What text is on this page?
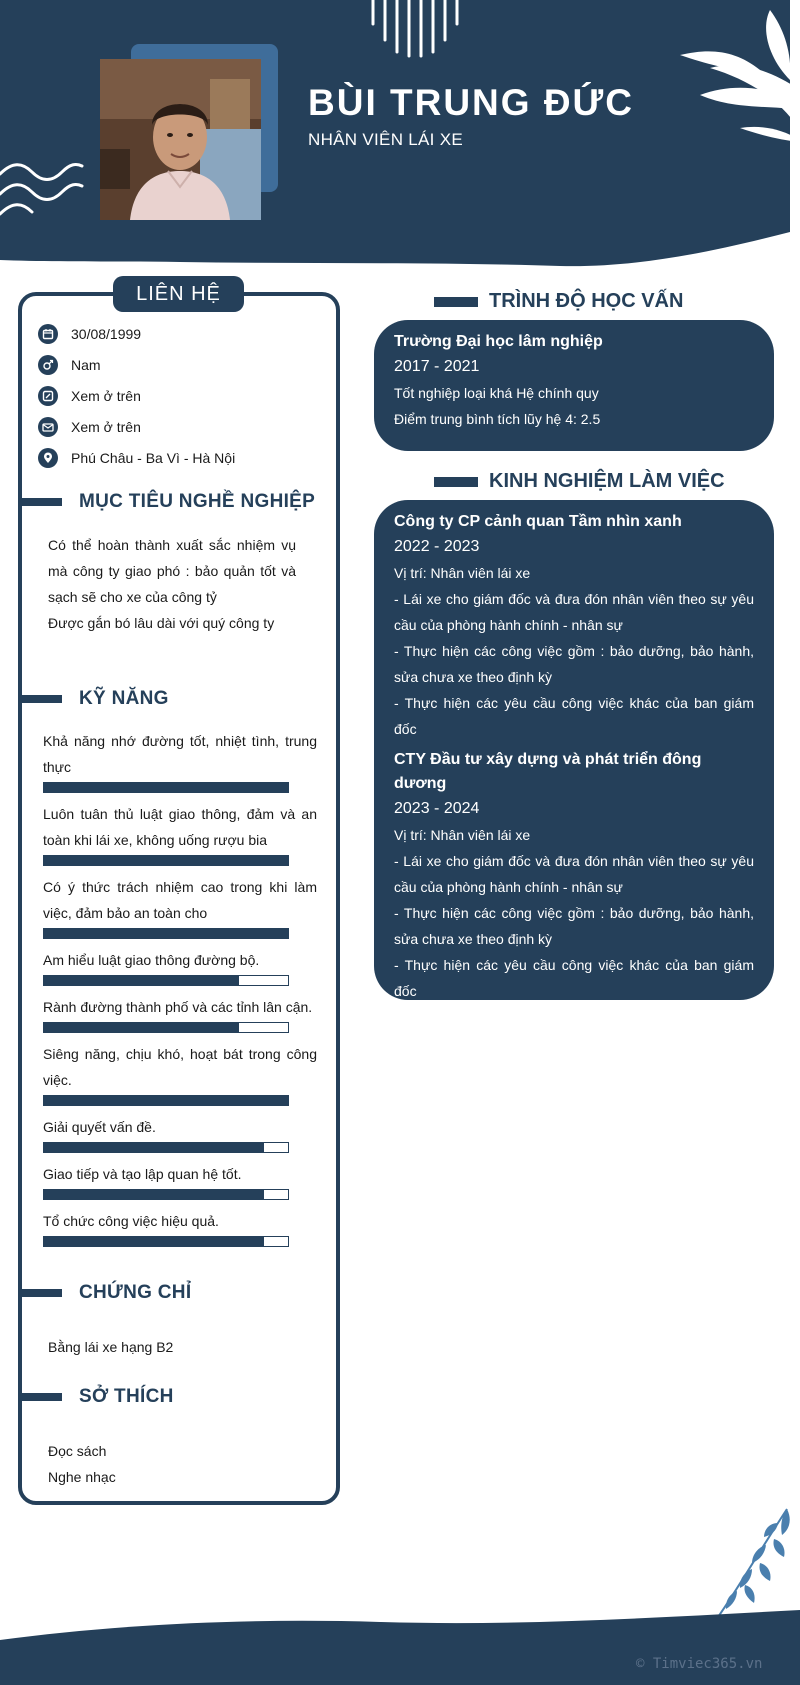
BÙI TRUNG ĐỨC
NHÂN VIÊN LÁI XE
LIÊN HỆ
30/08/1999
Nam
Xem ở trên
Xem ở trên
Phú Châu - Ba Vì - Hà Nội
MỤC TIÊU NGHỀ NGHIỆP
Có thể hoàn thành xuất sắc nhiệm vụ mà công ty giao phó : bảo quản tốt và sạch sẽ cho xe của công tỷ
Được gắn bó lâu dài với quý công ty
KỸ NĂNG
Khả năng nhớ đường tốt, nhiệt tình, trung thực
Luôn tuân thủ luật giao thông, đảm và an toàn khi lái xe, không uống rượu bia
Có ý thức trách nhiệm cao trong khi làm việc, đảm bảo an toàn cho
Am hiểu luật giao thông đường bộ.
Rành đường thành phố và các tỉnh lân cận.
Siêng năng, chịu khó, hoạt bát trong công việc.
Giải quyết vấn đề.
Giao tiếp và tạo lập quan hệ tốt.
Tổ chức công việc hiệu quả.
CHỨNG CHỈ
Bằng lái xe hạng B2
SỞ THÍCH
Đọc sách
Nghe nhạc
TRÌNH ĐỘ HỌC VẤN
Trường Đại học lâm nghiệp
2017 - 2021
Tốt nghiệp loại khá Hệ chính quy
Điểm trung bình tích lũy hệ 4: 2.5
KINH NGHIỆM LÀM VIỆC
Công ty CP cảnh quan Tầm nhìn xanh
2022 - 2023
Vị trí: Nhân viên lái xe
- Lái xe cho giám đốc và đưa đón nhân viên theo sự yêu cầu của phòng hành chính - nhân sự
- Thực hiện các công việc gồm : bảo dưỡng, bảo hành, sửa chưa xe theo định kỳ
- Thực hiện các yêu cầu công việc khác của ban giám đốc
CTY Đầu tư xây dựng và phát triển đông dương
2023 - 2024
Vị trí: Nhân viên lái xe
- Lái xe cho giám đốc và đưa đón nhân viên theo sự yêu cầu của phòng hành chính - nhân sự
- Thực hiện các công việc gồm : bảo dưỡng, bảo hành, sửa chưa xe theo định kỳ
- Thực hiện các yêu cầu công việc khác của ban giám đốc
© Timviec365.vn
